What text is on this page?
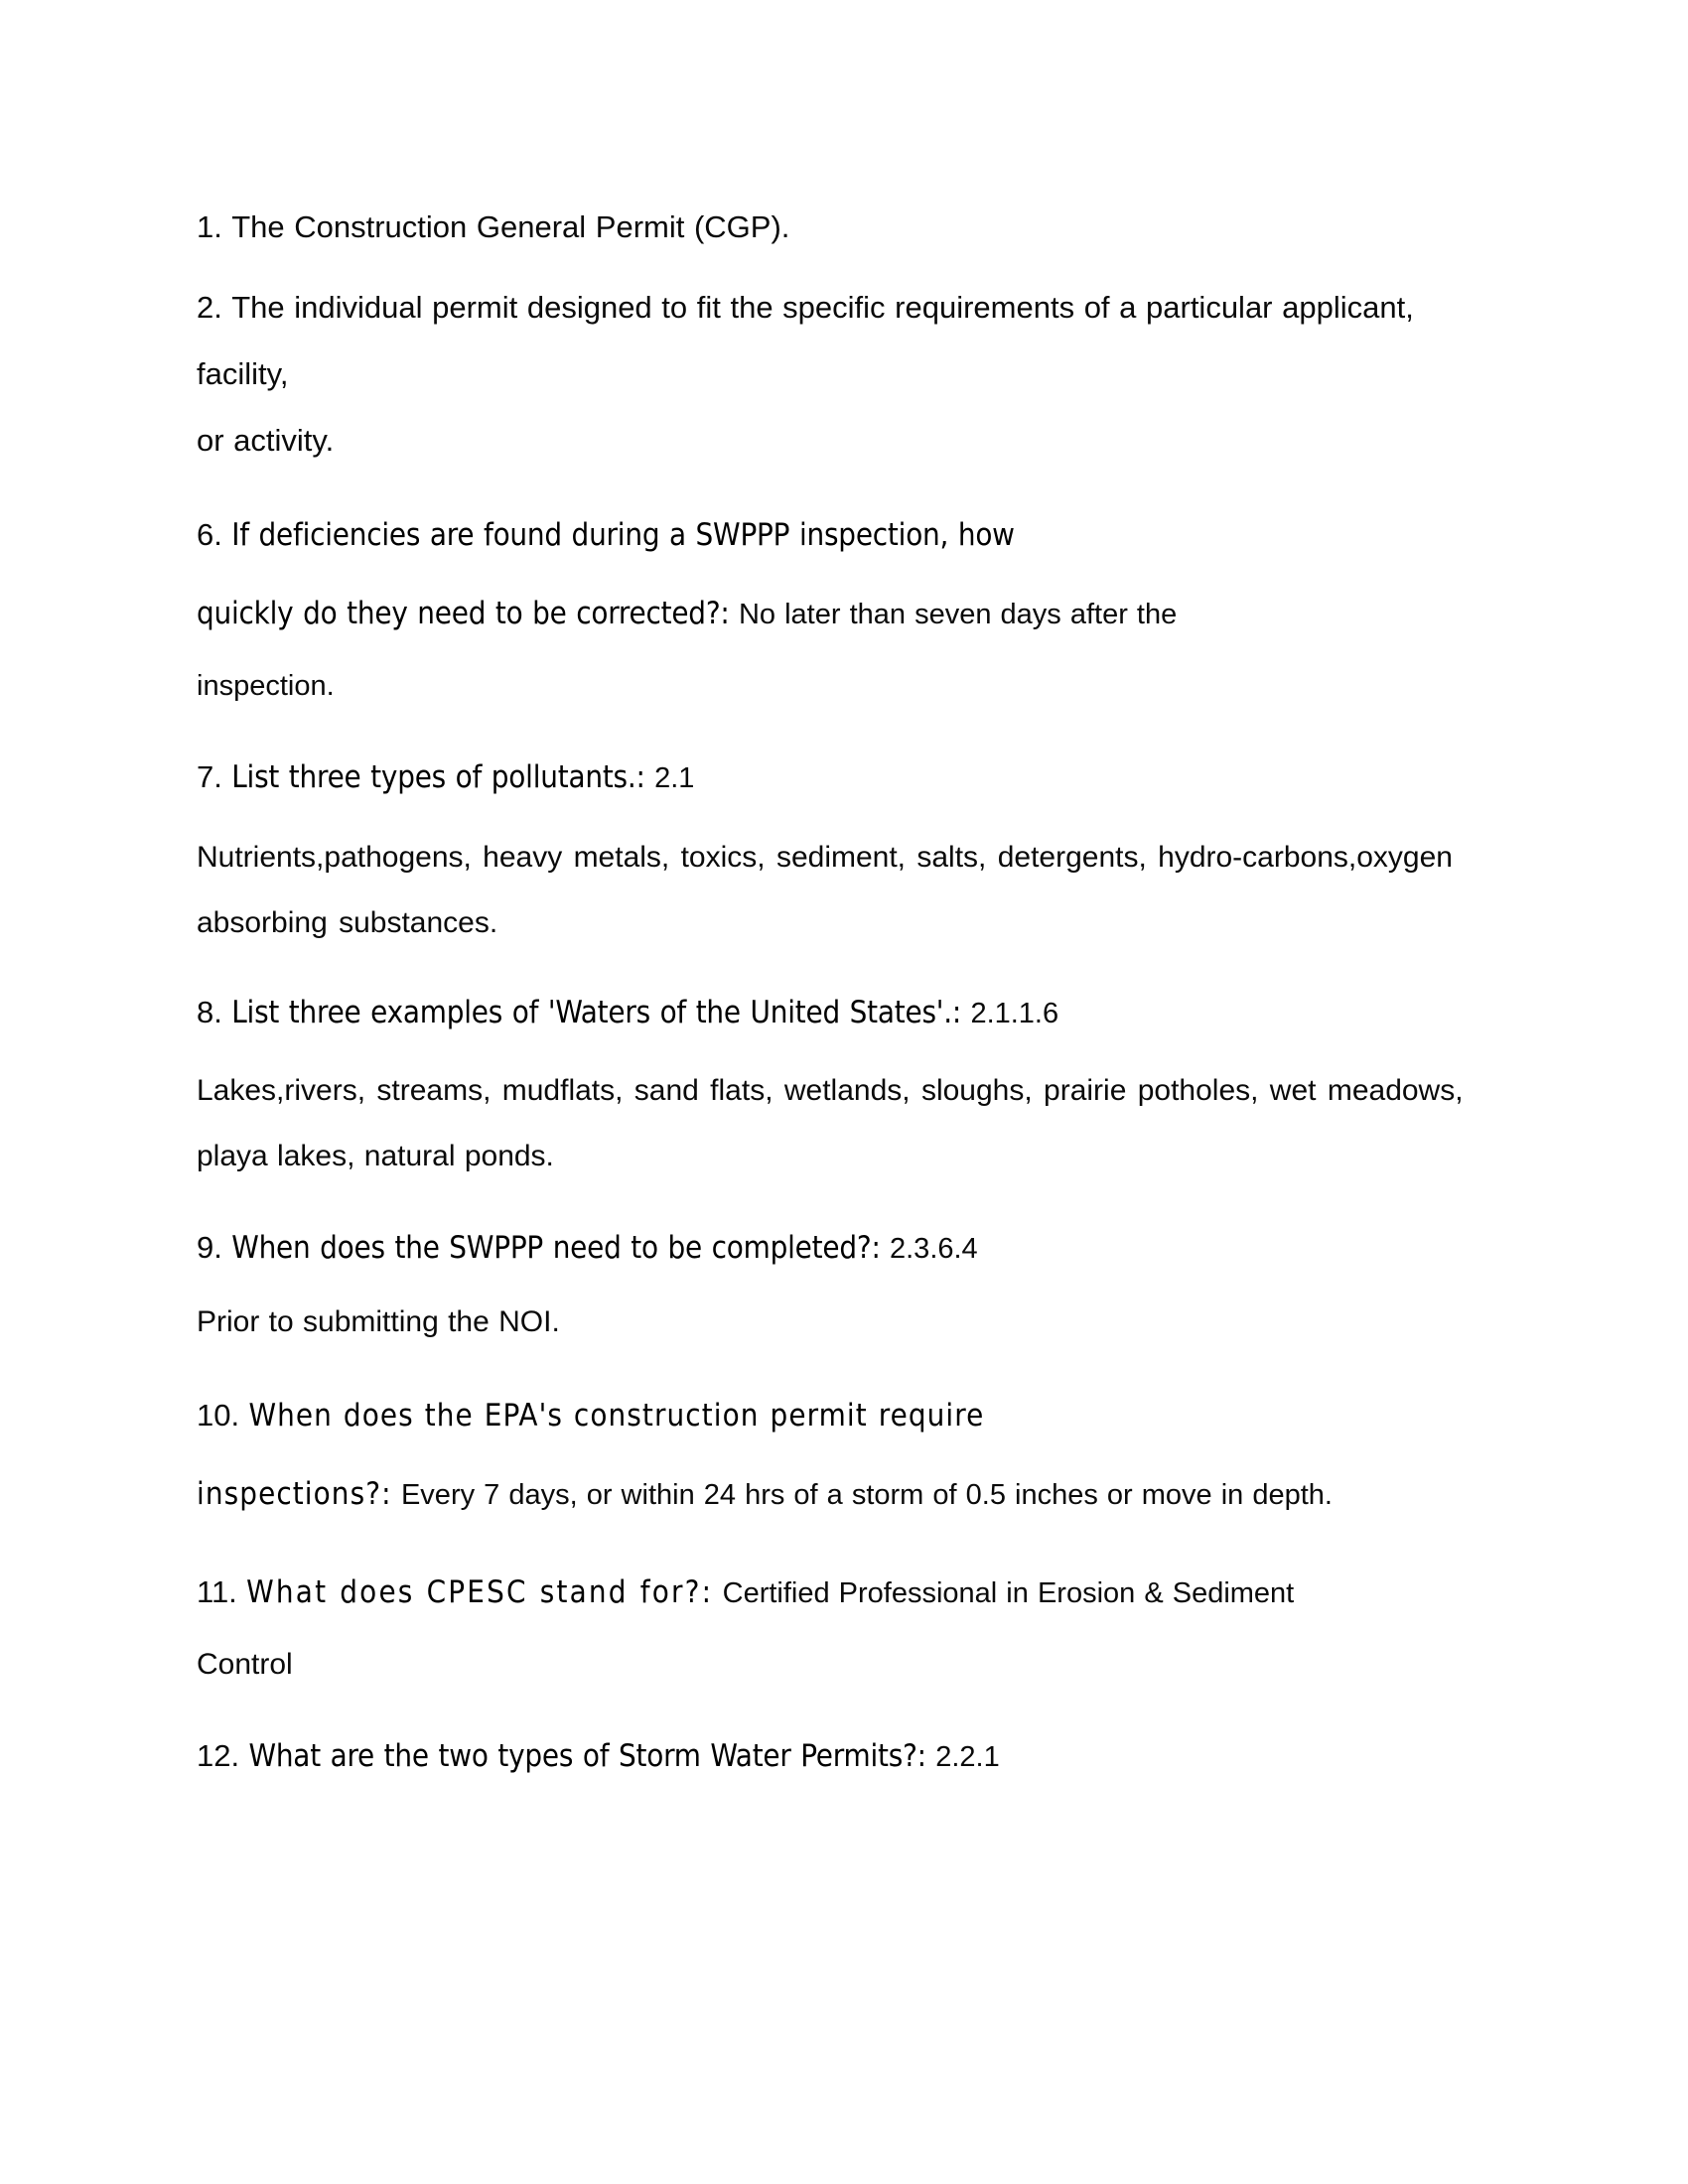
1. The Construction General Permit (CGP).

2. The individual permit designed to fit the specific requirements of a particular applicant, facility,

or activity.

6. If deficiencies are found during a SWPPP inspection, how

quickly do they need to be corrected?: No later than seven days after the

inspection.

7. List three types of pollutants.: 2.1

Nutrients,pathogens, heavy metals, toxics, sediment, salts, detergents, hydro-carbons,oxygen

absorbing substances.

8. List three examples of 'Waters of the United States'.: 2.1.1.6

Lakes,rivers, streams, mudflats, sand flats, wetlands, sloughs, prairie potholes, wet meadows,

playa lakes, natural ponds.

9. When does the SWPPP need to be completed?: 2.3.6.4

Prior to submitting the NOI.

10. When does the EPA's construction permit require

inspections?: Every 7 days, or within 24 hrs of a storm of 0.5 inches or move in depth.

11. What does CPESC stand for?: Certified Professional in Erosion & Sediment

Control

12. What are the two types of Storm Water Permits?: 2.2.1
